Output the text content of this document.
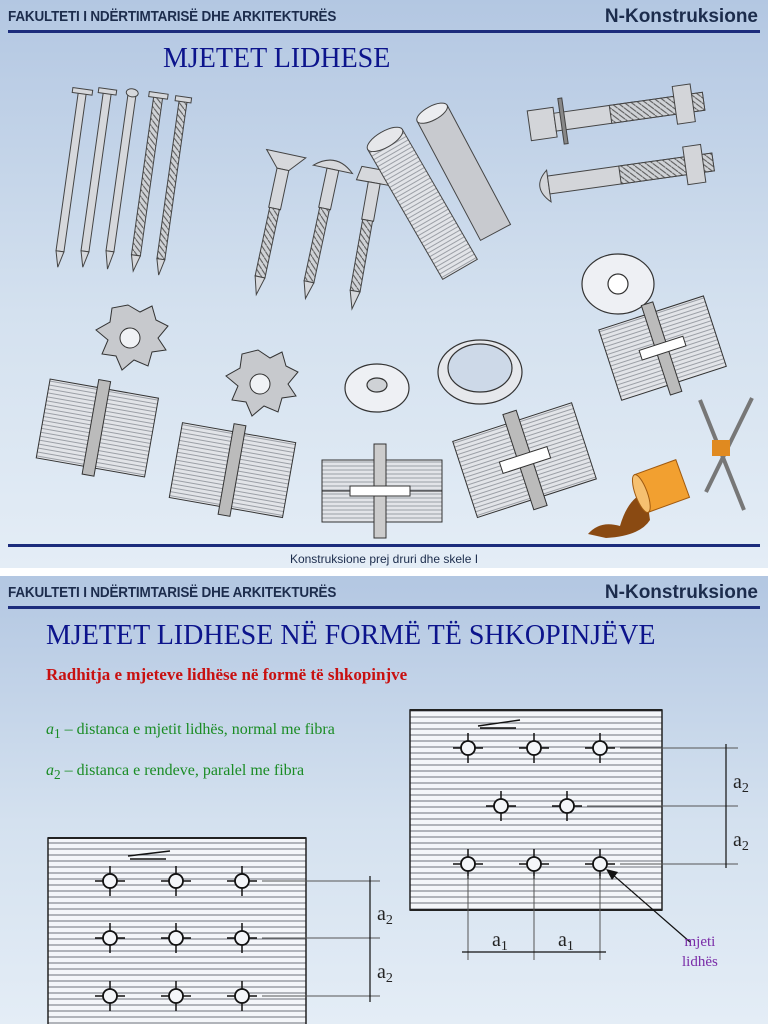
FAKULTETI I NDËRTIMTARISË DHE ARKITEKTURËS	N-Konstruksione
MJETET LIDHESE
Konstruksione prej druri dhe skele I
FAKULTETI I NDËRTIMTARISË DHE ARKITEKTURËS	N-Konstruksione
MJETET LIDHESE NË FORMË TË SHKOPINJËVE
Radhitja e mjeteve lidhëse në formë të shkopinjve
$a_1$ – distanca e mjetit lidhës, normal me fibra
$a_2$ – distanca e rendeve, paralel me fibra
$a_2$
$a_2$
$a_1$	$a_1$
$a_2$
$a_2$
mjeti
lidhës
